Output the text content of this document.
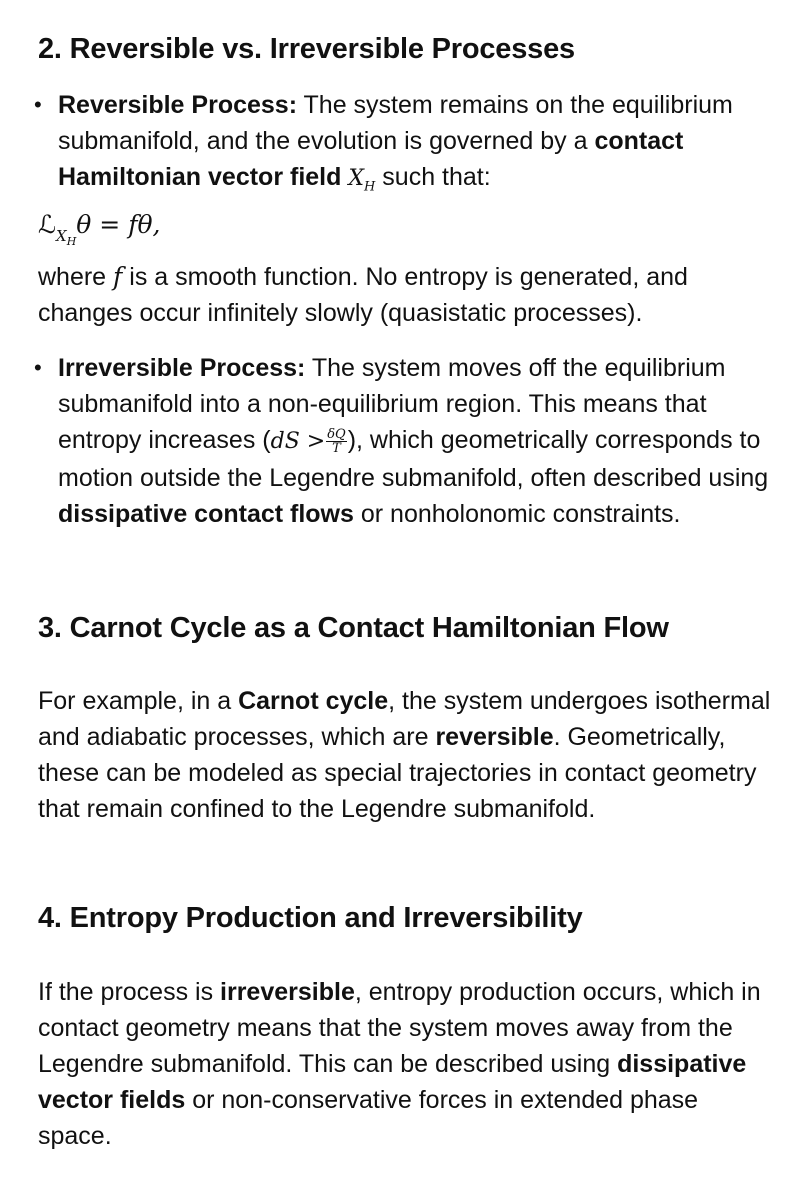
2. Reversible vs. Irreversible Processes

• Reversible Process: The system remains on the equilibrium submanifold, and the evolution is governed by a contact Hamiltonian vector field $X_H$ such that:

ℒ$_{X_H}$θ = fθ,

where f is a smooth function. No entropy is generated, and changes occur infinitely slowly (quasistatic processes).

• Irreversible Process: The system moves off the equilibrium submanifold into a non-equilibrium region. This means that entropy increases ($dS > \frac{\delta Q}{T}$ ), which geometrically corresponds to motion outside the Legendre submanifold, often described using dissipative contact flows or nonholonomic constraints.

3. Carnot Cycle as a Contact Hamiltonian Flow

For example, in a Carnot cycle, the system undergoes isothermal and adiabatic processes, which are reversible. Geometrically, these can be modeled as special trajectories in contact geometry that remain confined to the Legendre submanifold.

4. Entropy Production and Irreversibility

If the process is irreversible, entropy production occurs, which in contact geometry means that the system moves away from the Legendre submanifold. This can be described using dissipative vector fields or non-conservative forces in extended phase space.
